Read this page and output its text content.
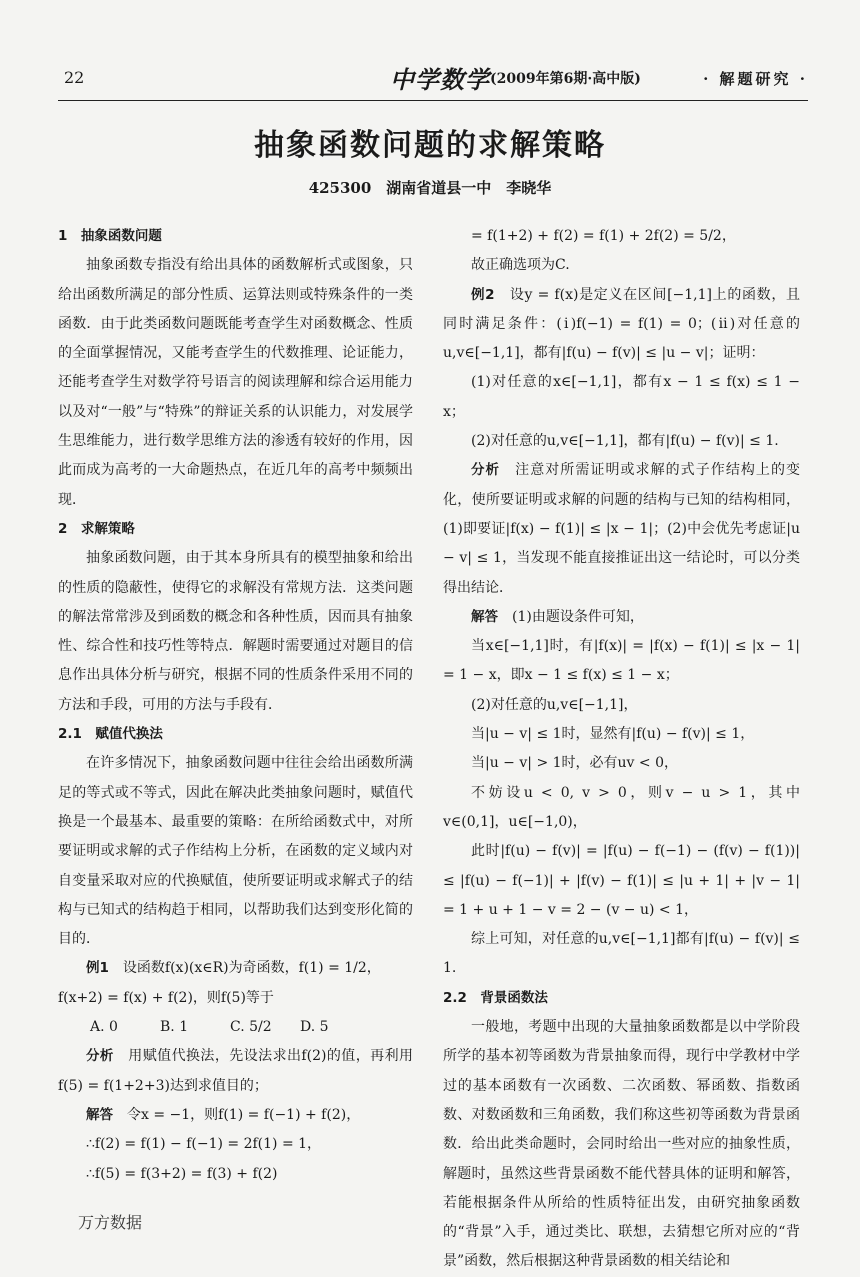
22	中学数学 (2009年第6期·高中版)	· 解题研究 ·
抽象函数问题的求解策略
425300　湖南省道县一中　李晓华

1　抽象函数问题

抽象函数专指没有给出具体的函数解析式或图象，只给出函数所满足的部分性质、运算法则或特殊条件的一类函数．由于此类函数问题既能考查学生对函数概念、性质的全面掌握情况，又能考查学生的代数推理、论证能力，还能考查学生对数学符号语言的阅读理解和综合运用能力以及对“一般”与“特殊”的辩证关系的认识能力，对发展学生思维能力，进行数学思维方法的渗透有较好的作用，因此而成为高考的一大命题热点，在近几年的高考中频频出现．

2　求解策略

抽象函数问题，由于其本身所具有的模型抽象和给出的性质的隐蔽性，使得它的求解没有常规方法．这类问题的解法常常涉及到函数的概念和各种性质，因而具有抽象性、综合性和技巧性等特点．解题时需要通过对题目的信息作出具体分析与研究，根据不同的性质条件采用不同的方法和手段，可用的方法与手段有．

2.1　赋值代换法

在许多情况下，抽象函数问题中往往会给出函数所满足的等式或不等式，因此在解决此类抽象问题时，赋值代换是一个最基本、最重要的策略：在所给函数式中，对所要证明或求解的式子作结构上分析，在函数的定义域内对自变量采取对应的代换赋值，使所要证明或求解式子的结构与已知式的结构趋于相同，以帮助我们达到变形化简的目的．

例1　设函数f(x)(x∈R)为奇函数，f(1) = 1/2，

f(x+2) = f(x) + f(2)，则f(5)等于

A. 0	B. 1	C. 5/2	D. 5

分析　用赋值代换法，先设法求出f(2)的值，再利用f(5) = f(1+2+3)达到求值目的；

解答　令x = −1，则f(1) = f(−1) + f(2)，

∴f(2) = f(1) − f(−1) = 2f(1) = 1，

∴f(5) = f(3+2) = f(3) + f(2)

= f(1+2) + f(2) = f(1) + 2f(2) = 5/2，

故正确选项为C.

例2　设y = f(x)是定义在区间[−1,1]上的函数，且同时满足条件：(ⅰ)f(−1) = f(1) = 0；(ⅱ)对任意的u,v∈[−1,1]，都有|f(u) − f(v)| ≤ |u − v|；证明：

(1)对任意的x∈[−1,1]，都有x − 1 ≤ f(x) ≤ 1 − x；

(2)对任意的u,v∈[−1,1]，都有|f(u) − f(v)| ≤ 1.

分析　注意对所需证明或求解的式子作结构上的变化，使所要证明或求解的问题的结构与已知的结构相同，(1)即要证|f(x) − f(1)| ≤ |x − 1|；(2)中会优先考虑证|u − v| ≤ 1，当发现不能直接推证出这一结论时，可以分类得出结论．

解答　(1)由题设条件可知，

当x∈[−1,1]时，有|f(x)| = |f(x) − f(1)| ≤ |x − 1| = 1 − x，即x − 1 ≤ f(x) ≤ 1 − x；

(2)对任意的u,v∈[−1,1]，

当|u − v| ≤ 1时，显然有|f(u) − f(v)| ≤ 1，

当|u − v| > 1时，必有uv < 0，

不妨设u < 0, v > 0，则v − u > 1，其中v∈(0,1]，u∈[−1,0)，

此时|f(u) − f(v)| = |f(u) − f(−1) − (f(v) − f(1))| ≤ |f(u) − f(−1)| + |f(v) − f(1)| ≤ |u + 1| + |v − 1| = 1 + u + 1 − v = 2 − (v − u) < 1，

综上可知，对任意的u,v∈[−1,1]都有|f(u) − f(v)| ≤ 1.

2.2　背景函数法

一般地，考题中出现的大量抽象函数都是以中学阶段所学的基本初等函数为背景抽象而得，现行中学教材中学过的基本函数有一次函数、二次函数、幂函数、指数函数、对数函数和三角函数，我们称这些初等函数为背景函数．给出此类命题时，会同时给出一些对应的抽象性质，解题时，虽然这些背景函数不能代替具体的证明和解答，若能根据条件从所给的性质特征出发，由研究抽象函数的“背景”入手，通过类比、联想，去猜想它所对应的“背景”函数，然后根据这种背景函数的相关结论和

万方数据
